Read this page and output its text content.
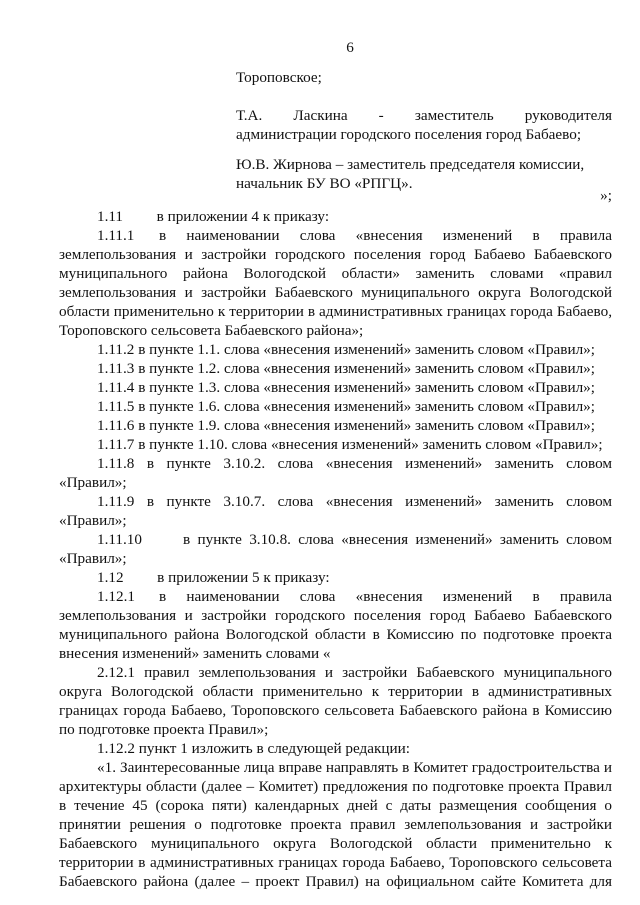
6
Тороповское;
Т.А. Ласкина - заместитель руководителя
администрации городского поселения город Бабаево;
Ю.В. Жирнова – заместитель председателя комиссии,
начальник БУ ВО «РПГЦ».
»;
1.11 в приложении 4 к приказу:
1.11.1	в наименовании слова «внесения изменений в правила
землепользования и застройки городского поселения город Бабаево Бабаевского
муниципального района Вологодской области» заменить словами «правил
землепользования и застройки Бабаевского муниципального округа Вологодской
области применительно к территории в административных границах города Бабаево,
Тороповского сельсовета Бабаевского района»;
1.11.2 в пункте 1.1. слова «внесения изменений» заменить словом «Правил»;
1.11.3 в пункте 1.2. слова «внесения изменений» заменить словом «Правил»;
1.11.4 в пункте 1.3. слова «внесения изменений» заменить словом «Правил»;
1.11.5 в пункте 1.6. слова «внесения изменений» заменить словом «Правил»;
1.11.6 в пункте 1.9. слова «внесения изменений» заменить словом «Правил»;
1.11.7 в пункте 1.10. слова «внесения изменений» заменить словом «Правил»;
1.11.8 в пункте 3.10.2. слова «внесения изменений» заменить словом
«Правил»;
1.11.9 в пункте 3.10.7. слова «внесения изменений» заменить словом
«Правил»;
1.11.10	в пункте 3.10.8. слова «внесения изменений» заменить словом
«Правил»;
1.12 в приложении 5 к приказу:
1.12.1	в наименовании слова «внесения изменений в правила
землепользования и застройки городского поселения город Бабаево Бабаевского
муниципального района Вологодской области в Комиссию по подготовке проекта
внесения изменений» заменить словами «
2.12.1 правил землепользования и застройки Бабаевского муниципального
округа Вологодской области применительно к территории в административных
границах города Бабаево, Тороповского сельсовета Бабаевского района в Комиссию
по подготовке проекта Правил»;
1.12.2 пункт 1 изложить в следующей редакции:
«1. Заинтересованные лица вправе направлять в Комитет градостроительства и
архитектуры области (далее – Комитет) предложения по подготовке проекта Правил
в течение 45 (сорока пяти) календарных дней с даты размещения сообщения о
принятии решения о подготовке проекта правил землепользования и застройки
Бабаевского муниципального округа Вологодской области применительно к
территории в административных границах города Бабаево, Тороповского сельсовета
Бабаевского района (далее – проект Правил) на официальном сайте Комитета для
